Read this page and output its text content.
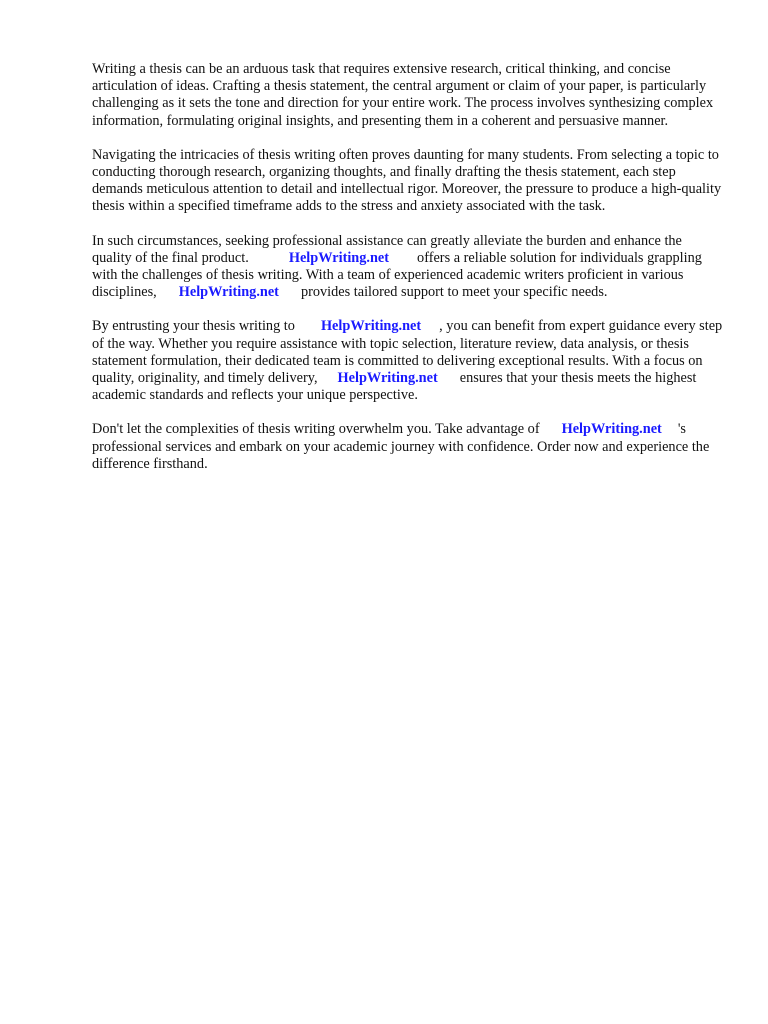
Writing a thesis can be an arduous task that requires extensive research, critical thinking, and concise articulation of ideas. Crafting a thesis statement, the central argument or claim of your paper, is particularly challenging as it sets the tone and direction for your entire work. The process involves synthesizing complex information, formulating original insights, and presenting them in a coherent and persuasive manner.

Navigating the intricacies of thesis writing often proves daunting for many students. From selecting a topic to conducting thorough research, organizing thoughts, and finally drafting the thesis statement, each step demands meticulous attention to detail and intellectual rigor. Moreover, the pressure to produce a high-quality thesis within a specified timeframe adds to the stress and anxiety associated with the task.

In such circumstances, seeking professional assistance can greatly alleviate the burden and enhance the quality of the final product.	HelpWriting.net offers a reliable solution for individuals grappling with the challenges of thesis writing. With a team of experienced academic writers proficient in various disciplines, HelpWriting.net provides tailored support to meet your specific needs.

By entrusting your thesis writing to HelpWriting.net , you can benefit from expert guidance every step of the way. Whether you require assistance with topic selection, literature review, data analysis, or thesis statement formulation, their dedicated team is committed to delivering exceptional results. With a focus on quality, originality, and timely delivery, HelpWriting.net ensures that your thesis meets the highest academic standards and reflects your unique perspective.

Don't let the complexities of thesis writing overwhelm you. Take advantage of HelpWriting.net 's professional services and embark on your academic journey with confidence. Order now and experience the difference firsthand.
